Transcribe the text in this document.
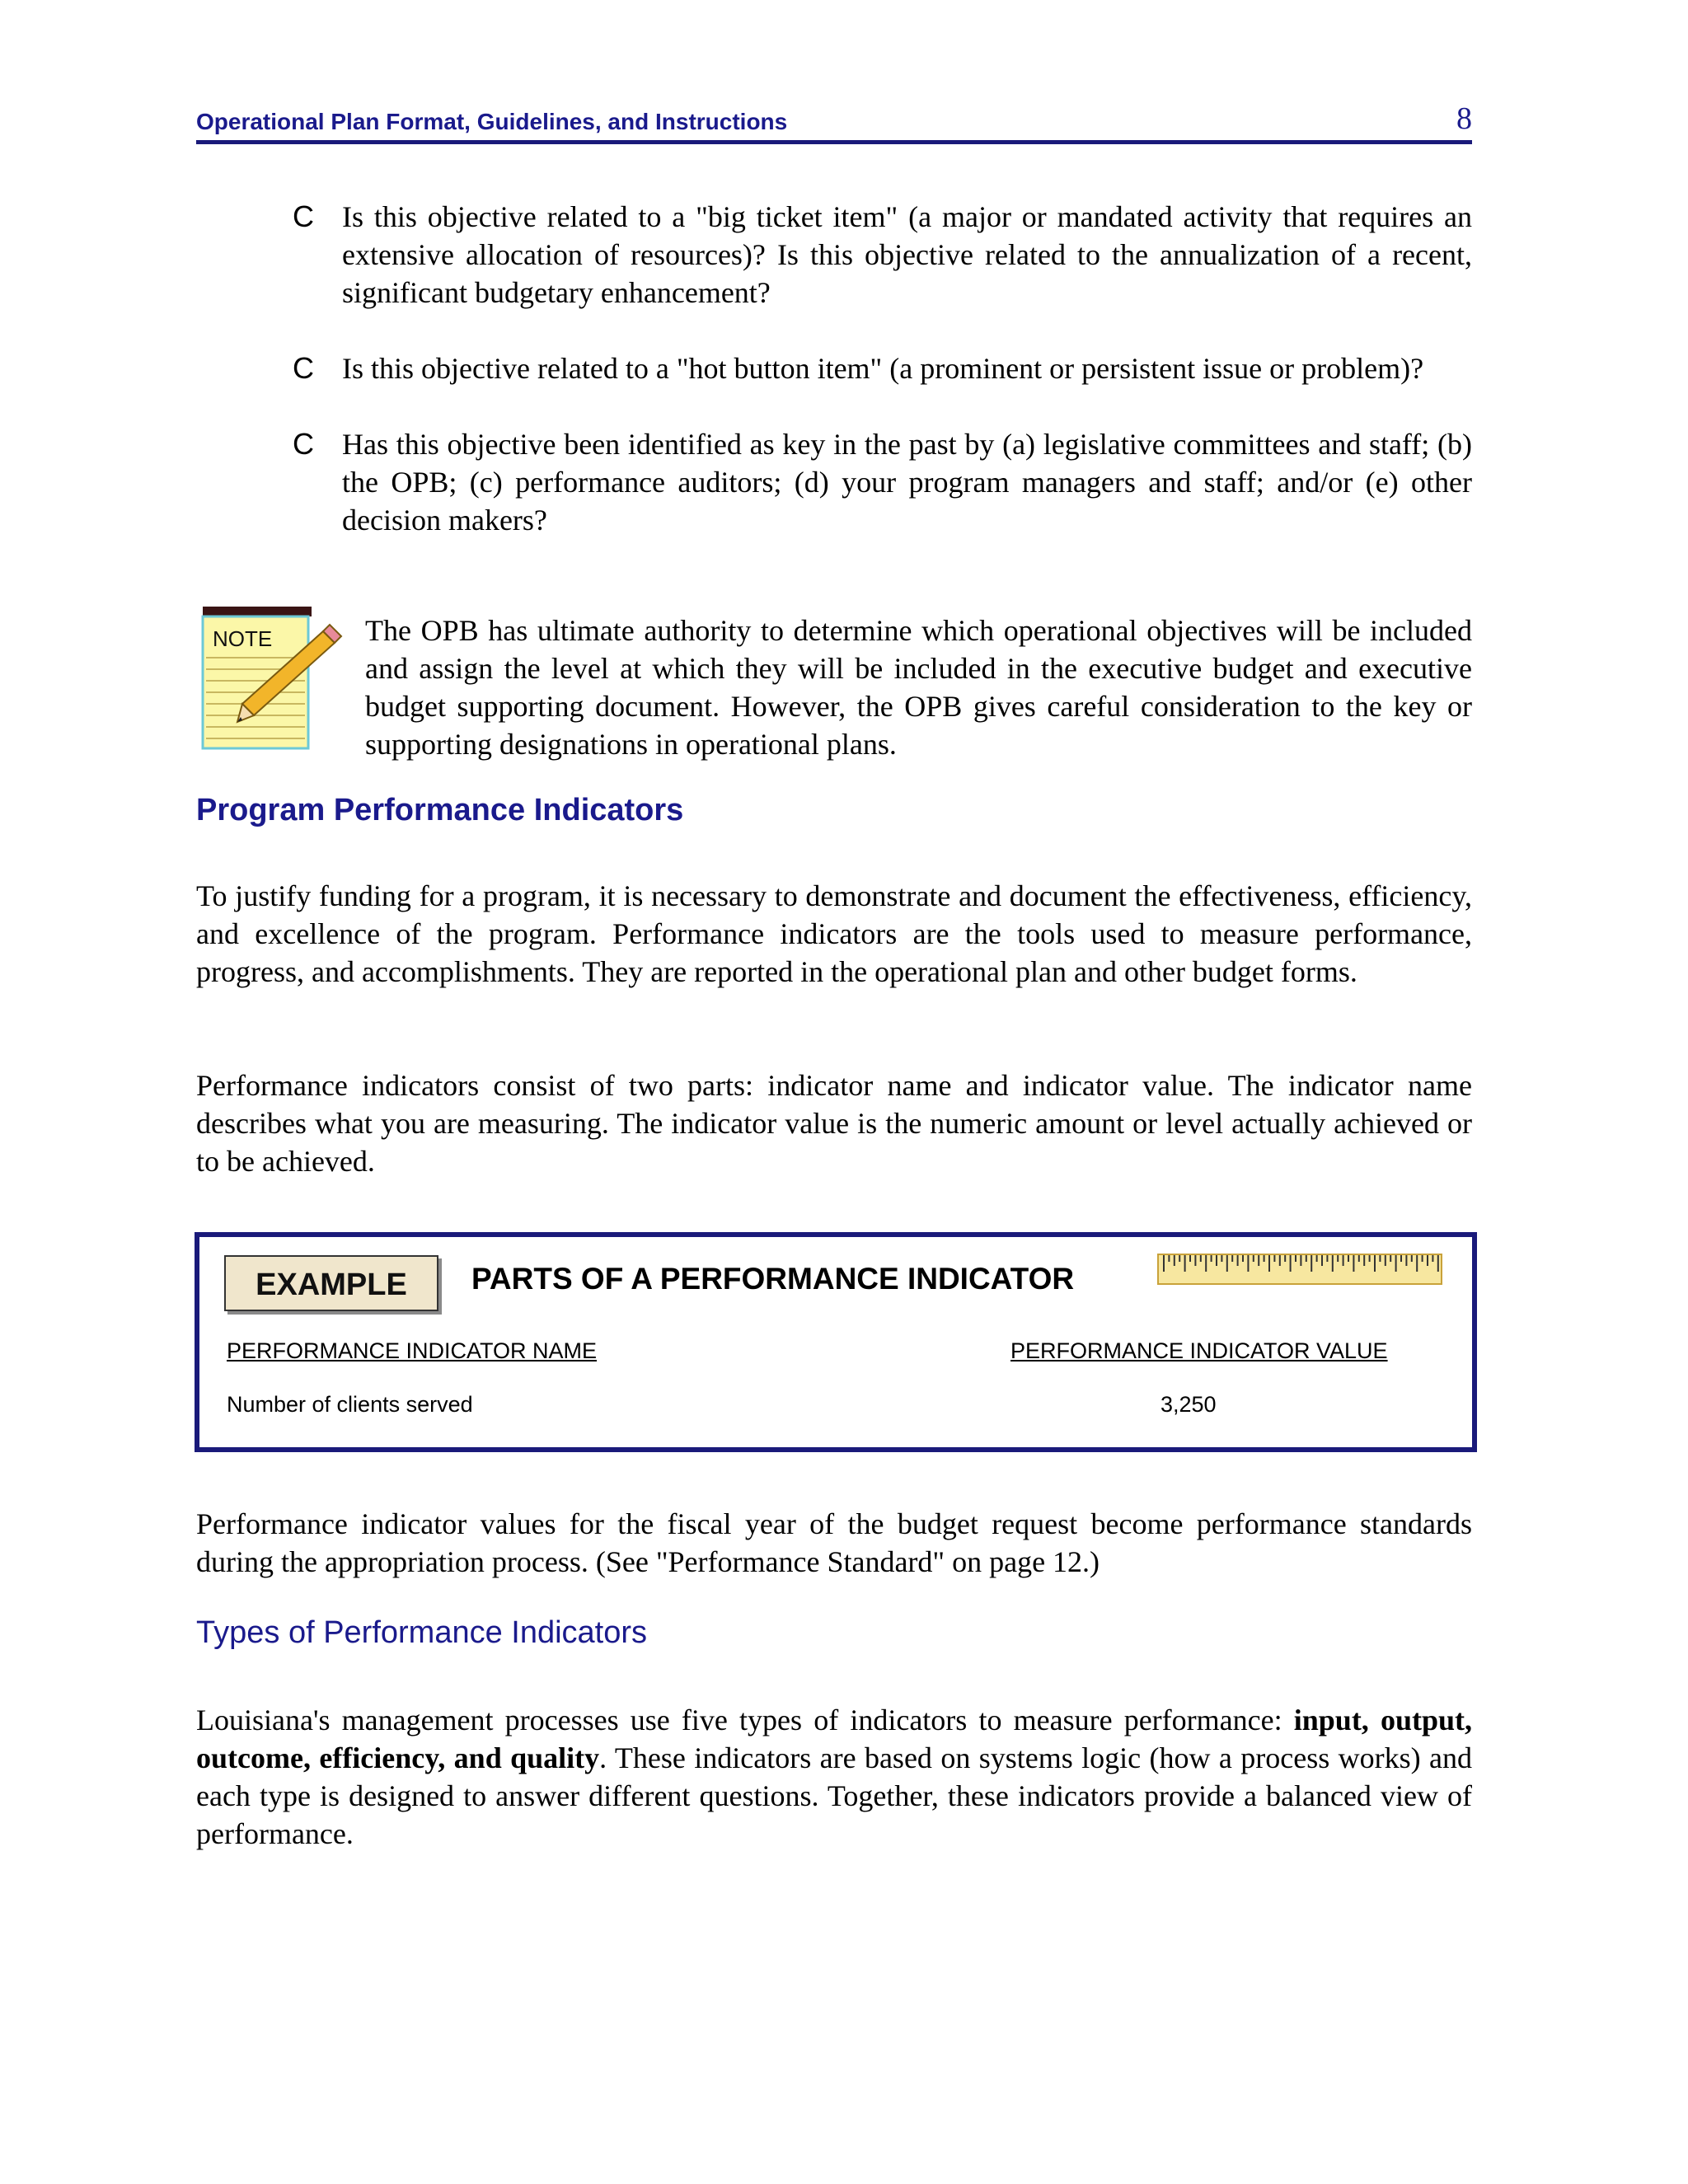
Operational Plan Format, Guidelines, and Instructions	8
C Is this objective related to a "big ticket item" (a major or mandated activity that requires an extensive allocation of resources)? Is this objective related to the annualization of a recent, significant budgetary enhancement?
C Is this objective related to a "hot button item" (a prominent or persistent issue or problem)?
C Has this objective been identified as key in the past by (a) legislative committees and staff; (b) the OPB; (c) performance auditors; (d) your program managers and staff; and/or (e) other decision makers?
NOTE	The OPB has ultimate authority to determine which operational objectives will be included and assign the level at which they will be included in the executive budget and executive budget supporting document. However, the OPB gives careful consideration to the key or supporting designations in operational plans.
Program Performance Indicators
To justify funding for a program, it is necessary to demonstrate and document the effectiveness, efficiency, and excellence of the program. Performance indicators are the tools used to measure performance, progress, and accomplishments. They are reported in the operational plan and other budget forms.
Performance indicators consist of two parts: indicator name and indicator value. The indicator name describes what you are measuring. The indicator value is the numeric amount or level actually achieved or to be achieved.
EXAMPLE	PARTS OF A PERFORMANCE INDICATOR
PERFORMANCE INDICATOR NAME	PERFORMANCE INDICATOR VALUE
Number of clients served	3,250
Performance indicator values for the fiscal year of the budget request become performance standards during the appropriation process. (See "Performance Standard" on page 12.)
Types of Performance Indicators
Louisiana's management processes use five types of indicators to measure performance: input, output, outcome, efficiency, and quality. These indicators are based on systems logic (how a process works) and each type is designed to answer different questions. Together, these indicators provide a balanced view of performance.
